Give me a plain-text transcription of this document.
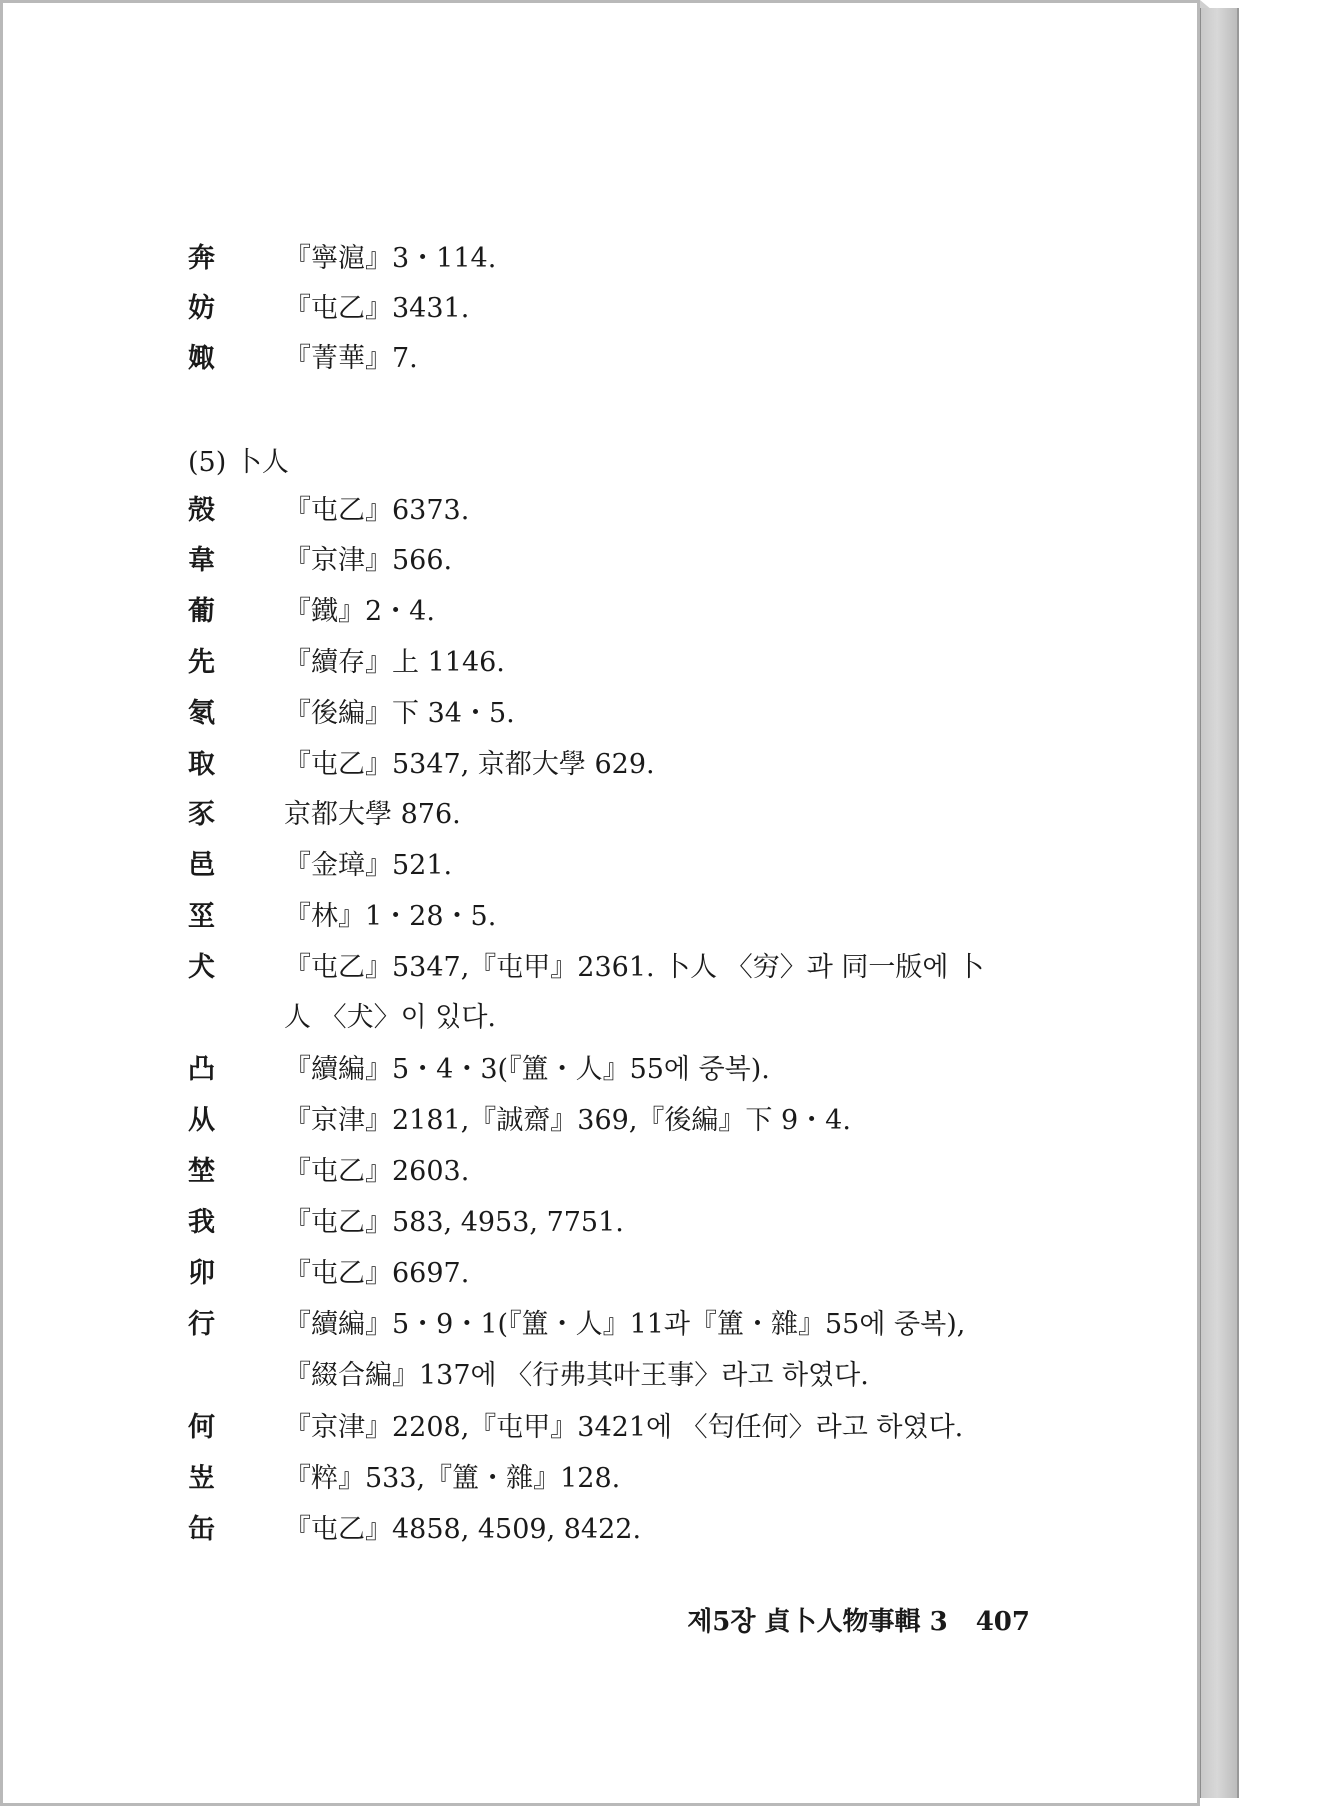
奔	『寧滬』3・114.
妨	『屯乙』3431.
娵	『菁華』7.
(5) 卜人
殻	『屯乙』6373.
韋	『京津』566.
葡	『鐵』2・4.
先	『續存』上 1146.
氡	『後編』下 34・5.
取	『屯乙』5347, 京都大學 629.
豕	京都大學 876.
邑	『金璋』521.
坙	『林』1・28・5.
犬	『屯乙』5347,『屯甲』2361. 卜人 〈穷〉과 同一版에 卜
人 〈犬〉이 있다.
凸	『續編』5・4・3(『簠・人』55에 중복).
从	『京津』2181,『誠齋』369,『後編』下 9・4.
埜	『屯乙』2603.
我	『屯乙』583, 4953, 7751.
卯	『屯乙』6697.
行	『續編』5・9・1(『簠・人』11과『簠・雜』55에 중복),
『綴合編』137에 〈行弗其叶王事〉라고 하였다.
何	『京津』2208,『屯甲』3421에 〈匄任何〉라고 하였다.
岦	『粹』533,『簠・雜』128.
缶	『屯乙』4858, 4509, 8422.
제5장 貞卜人物事輯 3 407
